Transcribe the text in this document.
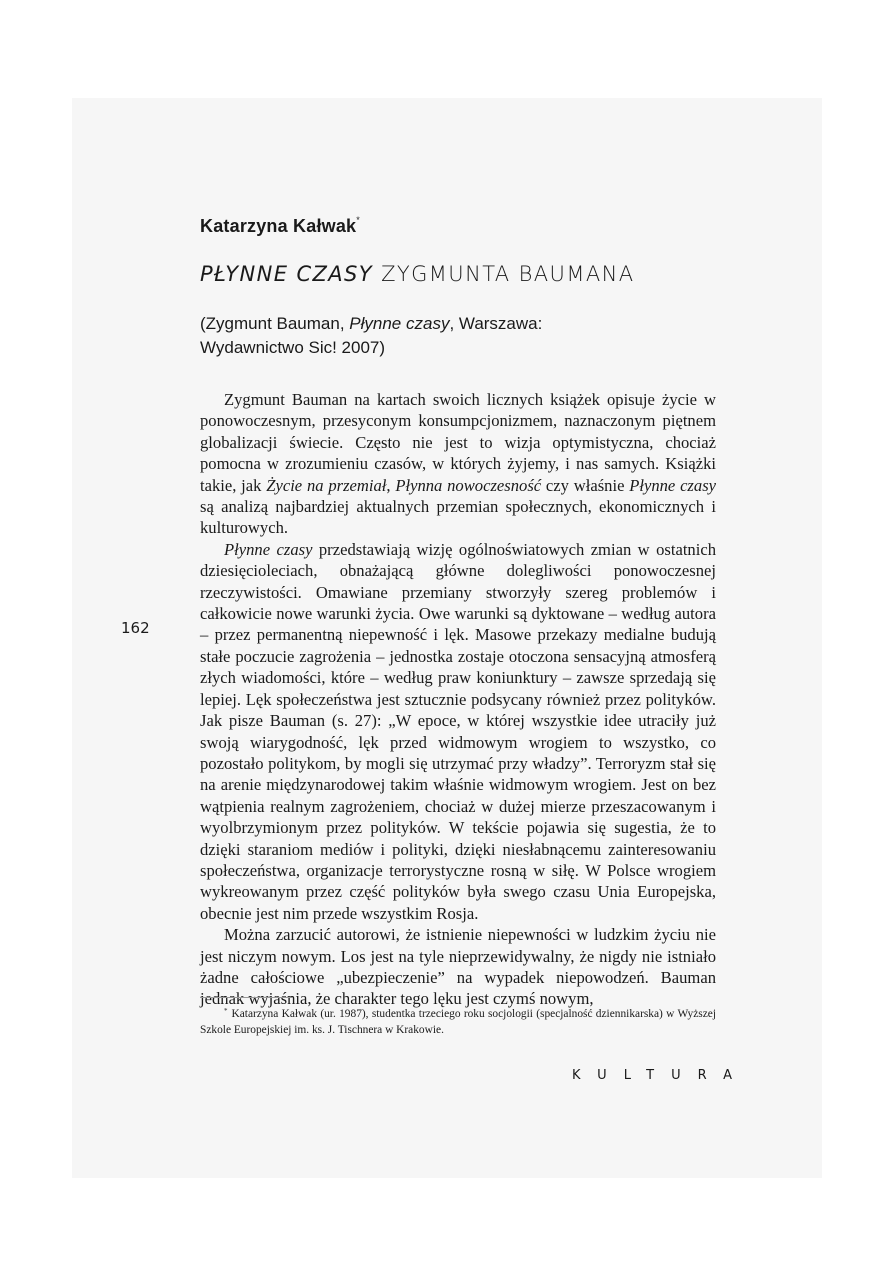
Katarzyna Kałwak*
PŁYNNE CZASY ZYGMUNTA BAUMANA
(Zygmunt Bauman, Płynne czasy, Warszawa: Wydawnictwo Sic! 2007)

Zygmunt Bauman na kartach swoich licznych książek opisuje życie w ponowoczesnym, przesyconym konsumpcjonizmem, naznaczonym piętnem globalizacji świecie. Często nie jest to wizja optymistyczna, chociaż pomocna w zrozumieniu czasów, w których żyjemy, i nas samych. Książki takie, jak Życie na przemiał, Płynna nowoczesność czy właśnie Płynne czasy są analizą najbardziej aktualnych przemian społecznych, ekonomicznych i kulturowych.

Płynne czasy przedstawiają wizję ogólnoświatowych zmian w ostatnich dziesięcioleciach, obnażającą główne dolegliwości ponowoczesnej rzeczywistości. Omawiane przemiany stworzyły szereg problemów i całkowicie nowe warunki życia. Owe warunki są dyktowane – według autora – przez permanentną niepewność i lęk. Masowe przekazy medialne budują stałe poczucie zagrożenia – jednostka zostaje otoczona sensacyjną atmosferą złych wiadomości, które – według praw koniunktury – zawsze sprzedają się lepiej. Lęk społeczeństwa jest sztucznie podsycany również przez polityków. Jak pisze Bauman (s. 27): „W epoce, w której wszystkie idee utraciły już swoją wiarygodność, lęk przed widmowym wrogiem to wszystko, co pozostało politykom, by mogli się utrzymać przy władzy”. Terroryzm stał się na arenie międzynarodowej takim właśnie widmowym wrogiem. Jest on bez wątpienia realnym zagrożeniem, chociaż w dużej mierze przeszacowanym i wyolbrzymionym przez polityków. W tekście pojawia się sugestia, że to dzięki staraniom mediów i polityki, dzięki niesłabnącemu zainteresowaniu społeczeństwa, organizacje terrorystyczne rosną w siłę. W Polsce wrogiem wykreowanym przez część polityków była swego czasu Unia Europejska, obecnie jest nim przede wszystkim Rosja.

Można zarzucić autorowi, że istnienie niepewności w ludzkim życiu nie jest niczym nowym. Los jest na tyle nieprzewidywalny, że nigdy nie istniało żadne całościowe „ubezpieczenie” na wypadek niepowodzeń. Bauman jednak wyjaśnia, że charakter tego lęku jest czymś nowym,

162

* Katarzyna Kałwak (ur. 1987), studentka trzeciego roku socjologii (specjalność dziennikarska) w Wyższej Szkole Europejskiej im. ks. J. Tischnera w Krakowie.

KULTURA
